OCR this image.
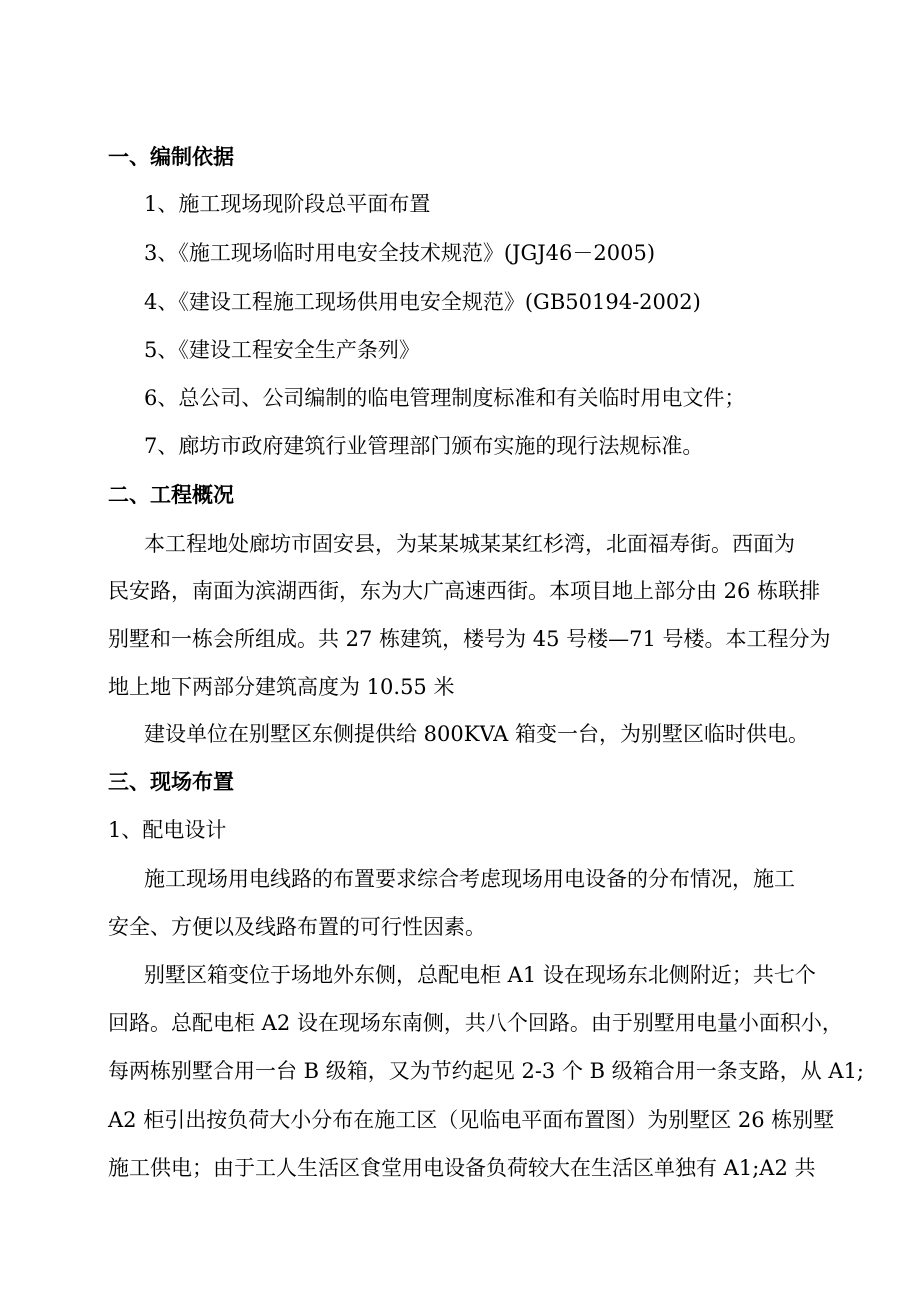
一、编制依据
1、施工现场现阶段总平面布置
3、《施工现场临时用电安全技术规范》(JGJ46－2005)
4、《建设工程施工现场供用电安全规范》(GB50194-2002)
5、《建设工程安全生产条列》
6、总公司、公司编制的临电管理制度标准和有关临时用电文件；
7、廊坊市政府建筑行业管理部门颁布实施的现行法规标准。
二、工程概况
本工程地处廊坊市固安县，为某某城某某红杉湾，北面福寿街。西面为
民安路，南面为滨湖西街，东为大广高速西街。本项目地上部分由 26 栋联排
别墅和一栋会所组成。共 27 栋建筑，楼号为 45 号楼—71 号楼。本工程分为
地上地下两部分建筑高度为 10.55 米
建设单位在别墅区东侧提供给 800KVA 箱变一台，为别墅区临时供电。
三、现场布置
1、配电设计
施工现场用电线路的布置要求综合考虑现场用电设备的分布情况，施工
安全、方便以及线路布置的可行性因素。
别墅区箱变位于场地外东侧，总配电柜 A1 设在现场东北侧附近；共七个
回路。总配电柜 A2 设在现场东南侧，共八个回路。由于别墅用电量小面积小，
每两栋别墅合用一台 B 级箱，又为节约起见 2-3 个 B 级箱合用一条支路，从 A1;
A2 柜引出按负荷大小分布在施工区（见临电平面布置图）为别墅区 26 栋别墅
施工供电；由于工人生活区食堂用电设备负荷较大在生活区单独有 A1;A2 共
